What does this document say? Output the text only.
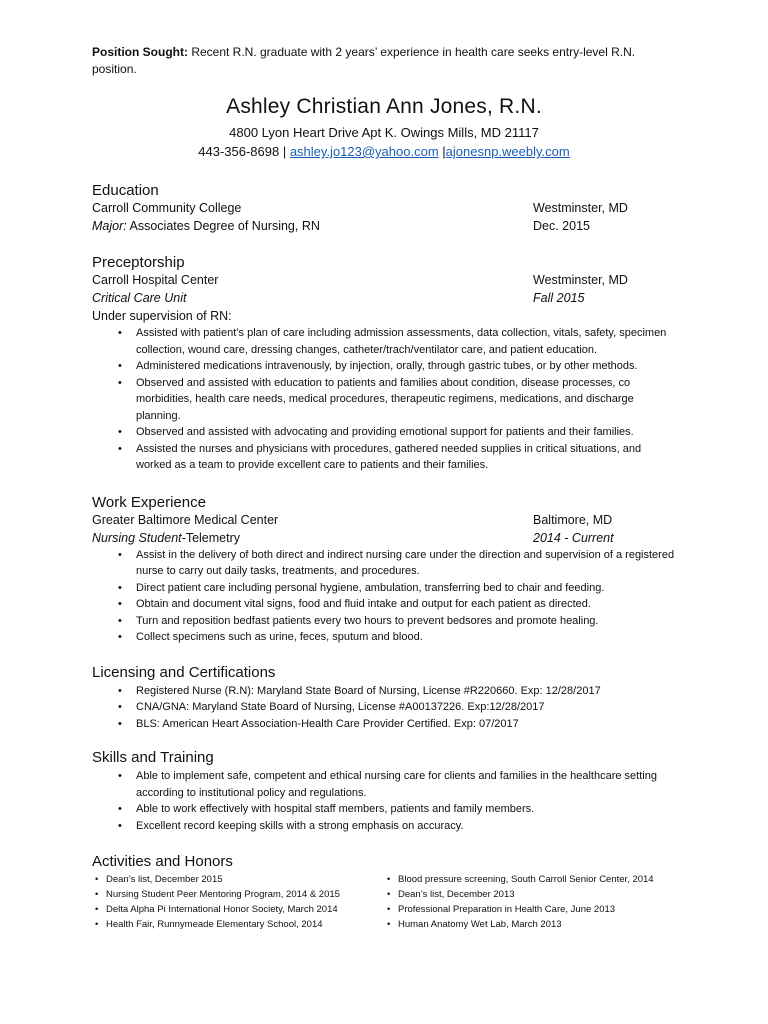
Position Sought: Recent R.N. graduate with 2 years’ experience in health care seeks entry-level R.N. position.

Ashley Christian Ann Jones, R.N.

4800 Lyon Heart Drive Apt K. Owings Mills, MD 21117

443-356-8698 | ashley.jo123@yahoo.com |ajonesnp.weebly.com

Education
Carroll Community College	Westminster, MD
Major: Associates Degree of Nursing, RN	Dec. 2015
Preceptorship
Carroll Hospital Center	Westminster, MD
Critical Care Unit	Fall 2015

Under supervision of RN:

• Assisted with patient’s plan of care including admission assessments, data collection, vitals, safety, specimen collection, wound care, dressing changes, catheter/trach/ventilator care, and patient education.
• Administered medications intravenously, by injection, orally, through gastric tubes, or by other methods.
• Observed and assisted with education to patients and families about condition, disease processes, co morbidities, health care needs, medical procedures, therapeutic regimens, medications, and discharge planning.
• Observed and assisted with advocating and providing emotional support for patients and their families.
• Assisted the nurses and physicians with procedures, gathered needed supplies in critical situations, and worked as a team to provide excellent care to patients and their families.
Work Experience
Greater Baltimore Medical Center	Baltimore, MD
Nursing Student-Telemetry	2014 - Current
• Assist in the delivery of both direct and indirect nursing care under the direction and supervision of a registered nurse to carry out daily tasks, treatments, and procedures.
• Direct patient care including personal hygiene, ambulation, transferring bed to chair and feeding.
• Obtain and document vital signs, food and fluid intake and output for each patient as directed.
• Turn and reposition bedfast patients every two hours to prevent bedsores and promote healing.
• Collect specimens such as urine, feces, sputum and blood.
Licensing and Certifications
• Registered Nurse (R.N): Maryland State Board of Nursing, License #R220660. Exp: 12/28/2017
• CNA/GNA: Maryland State Board of Nursing, License #A00137226. Exp:12/28/2017
• BLS: American Heart Association-Health Care Provider Certified. Exp: 07/2017
Skills and Training
• Able to implement safe, competent and ethical nursing care for clients and families in the healthcare setting according to institutional policy and regulations.
• Able to work effectively with hospital staff members, patients and family members.
• Excellent record keeping skills with a strong emphasis on accuracy.
Activities and Honors
• Dean’s list, December 2015
• Nursing Student Peer Mentoring Program, 2014 & 2015
• Delta Alpha Pi International Honor Society, March 2014
• Health Fair, Runnymeade Elementary School, 2014
• Blood pressure screening, South Carroll Senior Center, 2014
• Dean’s list, December 2013
• Professional Preparation in Health Care, June 2013
• Human Anatomy Wet Lab, March 2013
